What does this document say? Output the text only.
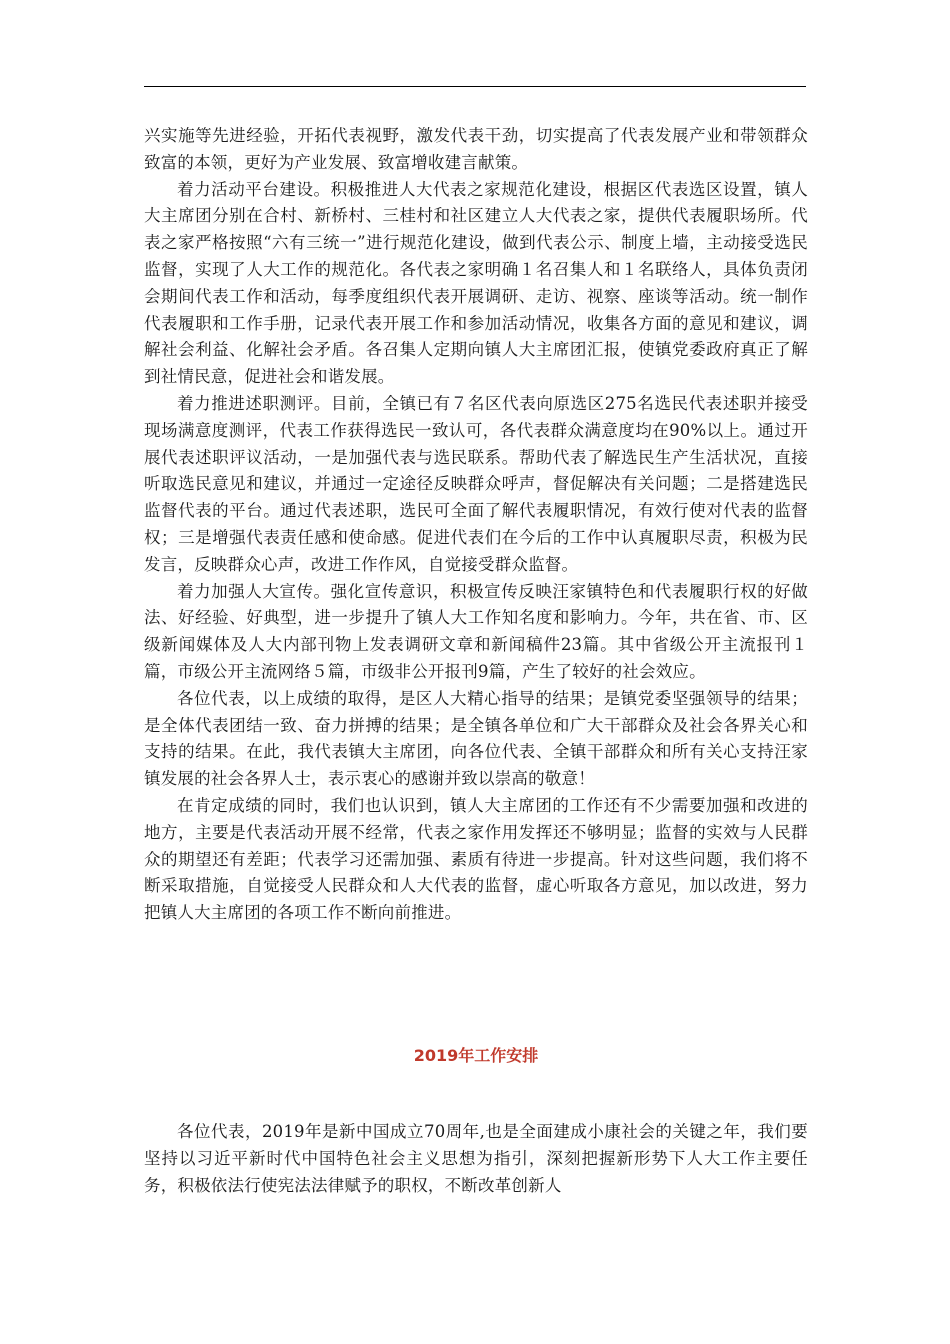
兴实施等先进经验，开拓代表视野，激发代表干劲，切实提高了代表发展产业和带领群众致富的本领，更好为产业发展、致富增收建言献策。

着力活动平台建设。积极推进人大代表之家规范化建设，根据区代表选区设置，镇人大主席团分别在合村、新桥村、三桂村和社区建立人大代表之家，提供代表履职场所。代表之家严格按照“六有三统一”进行规范化建设，做到代表公示、制度上墙，主动接受选民监督，实现了人大工作的规范化。各代表之家明确１名召集人和１名联络人，具体负责闭会期间代表工作和活动，每季度组织代表开展调研、走访、视察、座谈等活动。统一制作代表履职和工作手册，记录代表开展工作和参加活动情况，收集各方面的意见和建议，调解社会利益、化解社会矛盾。各召集人定期向镇人大主席团汇报，使镇党委政府真正了解到社情民意，促进社会和谐发展。

着力推进述职测评。目前，全镇已有７名区代表向原选区275名选民代表述职并接受现场满意度测评，代表工作获得选民一致认可，各代表群众满意度均在90%以上。通过开展代表述职评议活动，一是加强代表与选民联系。帮助代表了解选民生产生活状况，直接听取选民意见和建议，并通过一定途径反映群众呼声，督促解决有关问题；二是搭建选民监督代表的平台。通过代表述职，选民可全面了解代表履职情况，有效行使对代表的监督权；三是增强代表责任感和使命感。促进代表们在今后的工作中认真履职尽责，积极为民发言，反映群众心声，改进工作作风，自觉接受群众监督。

着力加强人大宣传。强化宣传意识，积极宣传反映汪家镇特色和代表履职行权的好做法、好经验、好典型，进一步提升了镇人大工作知名度和影响力。今年，共在省、市、区级新闻媒体及人大内部刊物上发表调研文章和新闻稿件23篇。其中省级公开主流报刊１篇，市级公开主流网络５篇，市级非公开报刊9篇，产生了较好的社会效应。

各位代表，以上成绩的取得，是区人大精心指导的结果；是镇党委坚强领导的结果；是全体代表团结一致、奋力拼搏的结果；是全镇各单位和广大干部群众及社会各界关心和支持的结果。在此，我代表镇大主席团，向各位代表、全镇干部群众和所有关心支持汪家镇发展的社会各界人士，表示衷心的感谢并致以崇高的敬意！

在肯定成绩的同时，我们也认识到，镇人大主席团的工作还有不少需要加强和改进的地方，主要是代表活动开展不经常，代表之家作用发挥还不够明显；监督的实效与人民群众的期望还有差距；代表学习还需加强、素质有待进一步提高。针对这些问题，我们将不断采取措施，自觉接受人民群众和人大代表的监督，虚心听取各方意见，加以改进，努力把镇人大主席团的各项工作不断向前推进。

2019年工作安排

各位代表，2019年是新中国成立70周年,也是全面建成小康社会的关键之年，我们要坚持以习近平新时代中国特色社会主义思想为指引，深刻把握新形势下人大工作主要任务，积极依法行使宪法法律赋予的职权，不断改革创新人
